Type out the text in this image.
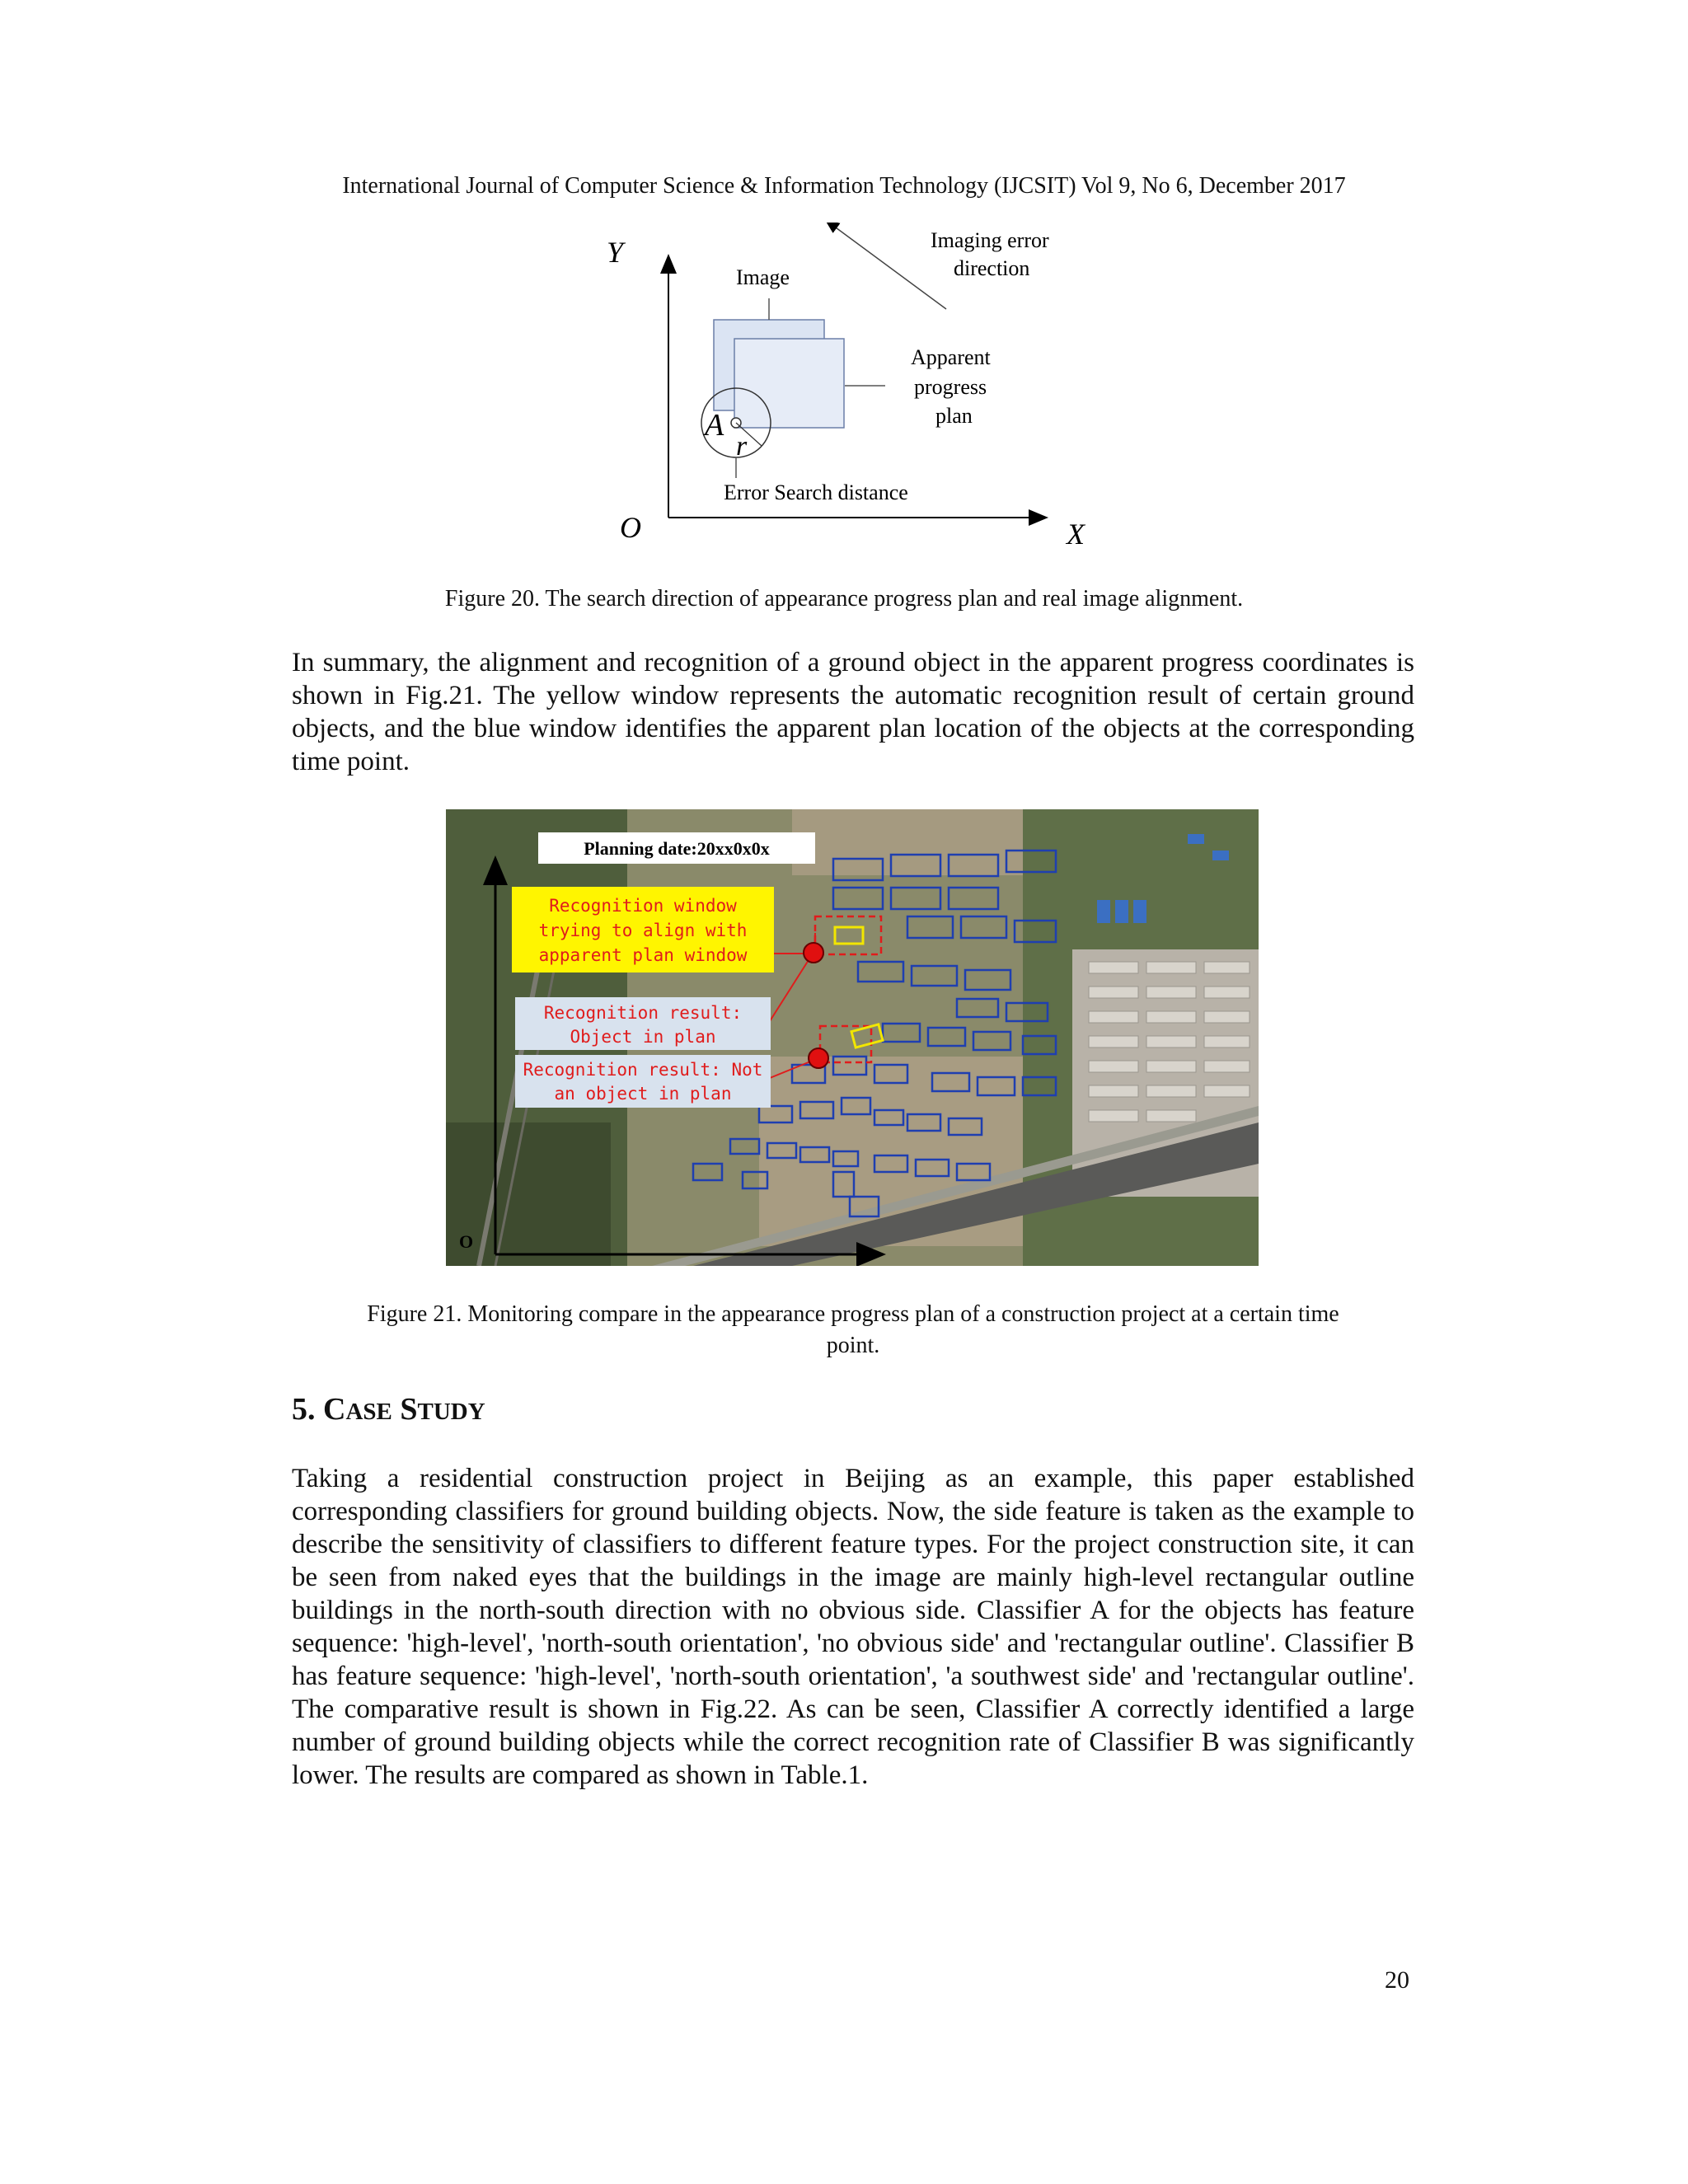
International Journal of Computer Science & Information Technology (IJCSIT) Vol 9, No 6, December 2017
Y
X
O
Image
Imaging error
direction
Apparent
progress
plan
A
r
Error Search distance
Figure 20. The search direction of appearance progress plan and real image alignment.

In summary, the alignment and recognition of a ground object in the apparent progress coordinates is shown in Fig.21. The yellow window represents the automatic recognition result of certain ground objects, and the blue window identifies the apparent plan location of the objects at the corresponding time point.

O
Planning date:20xx0x0x
Recognition window
trying to align with
apparent plan window
Recognition result:
Object in plan
Recognition result: Not
an object in plan
Figure 21. Monitoring compare in the appearance progress plan of a construction project at a certain time
point.
5. CASE STUDY

Taking a residential construction project in Beijing as an example, this paper established corresponding classifiers for ground building objects. Now, the side feature is taken as the example to describe the sensitivity of classifiers to different feature types. For the project construction site, it can be seen from naked eyes that the buildings in the image are mainly high-level rectangular outline buildings in the north-south direction with no obvious side. Classifier A for the objects has feature sequence: 'high-level', 'north-south orientation', 'no obvious side' and 'rectangular outline'. Classifier B has feature sequence: 'high-level', 'north-south orientation', 'a southwest side' and 'rectangular outline'. The comparative result is shown in Fig.22. As can be seen, Classifier A correctly identified a large number of ground building objects while the correct recognition rate of Classifier B was significantly lower. The results are compared as shown in Table.1.

20
